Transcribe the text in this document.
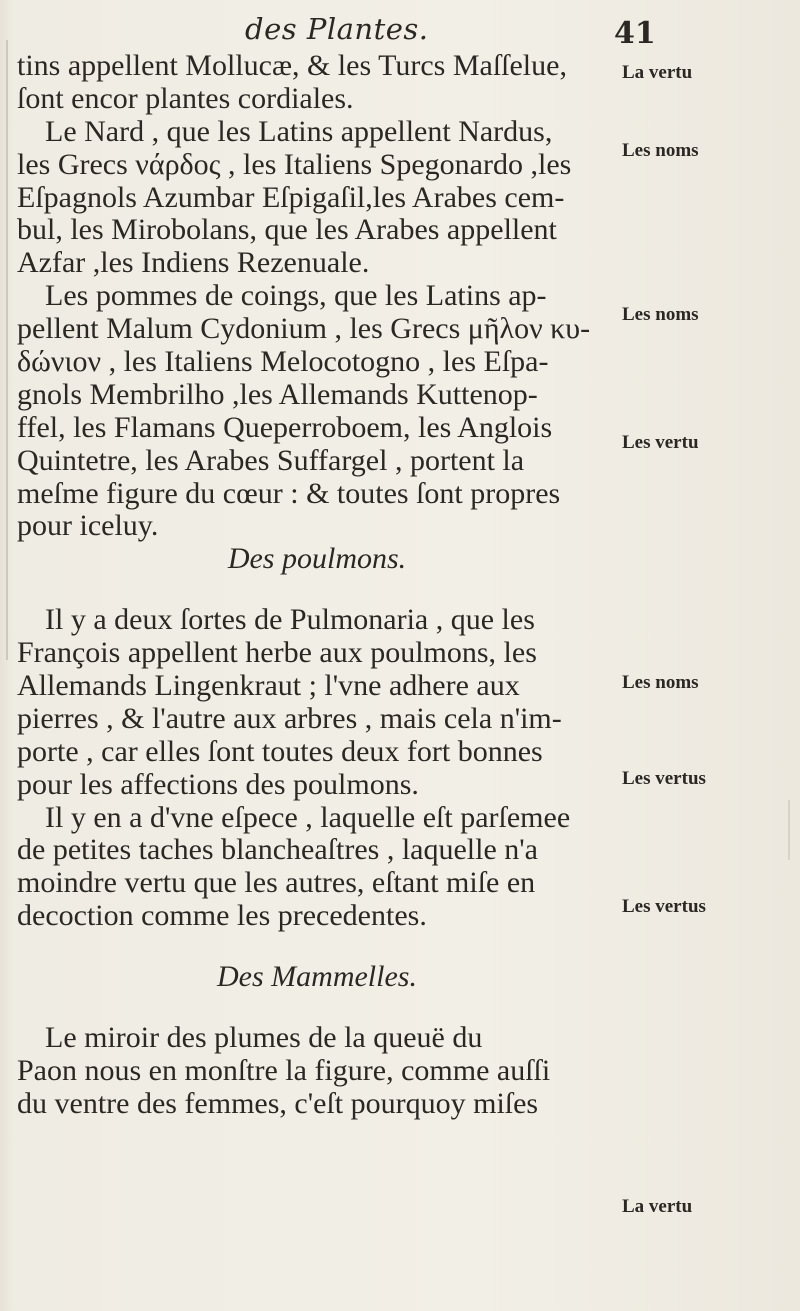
des Plantes.	41
tins appellent Mollucæ, & les Turcs Maſſelue,
ſont encor plantes cordiales.
Le Nard , que les Latins appellent Nardus,
les Grecs νάρδος , les Italiens Spegonardo ,les
Eſpagnols Azumbar Eſpigaſil,les Arabes cem-
bul, les Mirobolans, que les Arabes appellent
Azfar ,les Indiens Rezenuale.
Les pommes de coings, que les Latins ap-
pellent Malum Cydonium , les Grecs μῆλον κυ-
δώνιον , les Italiens Melocotogno , les Eſpa-
gnols Membrilho ,les Allemands Kuttenop-
ffel, les Flamans Queperroboem, les Anglois
Quintetre, les Arabes Suffargel , portent la
meſme figure du cœur : & toutes ſont propres
pour iceluy.
Des poulmons.
Il y a deux ſortes de Pulmonaria , que les
François appellent herbe aux poulmons, les
Allemands Lingenkraut ; l'vne adhere aux
pierres , & l'autre aux arbres , mais cela n'im-
porte , car elles ſont toutes deux fort bonnes
pour les affections des poulmons.
Il y en a d'vne eſpece , laquelle eſt parſemee
de petites taches blancheaſtres , laquelle n'a
moindre vertu que les autres, eſtant miſe en
decoction comme les precedentes.
Des Mammelles.
Le miroir des plumes de la queuë du
Paon nous en monſtre la figure, comme auſſi
du ventre des femmes, c'eſt pourquoy miſes
La vertu
Les noms
Les noms
Les vertu
Les noms
Les vertus
Les vertus
La vertu
